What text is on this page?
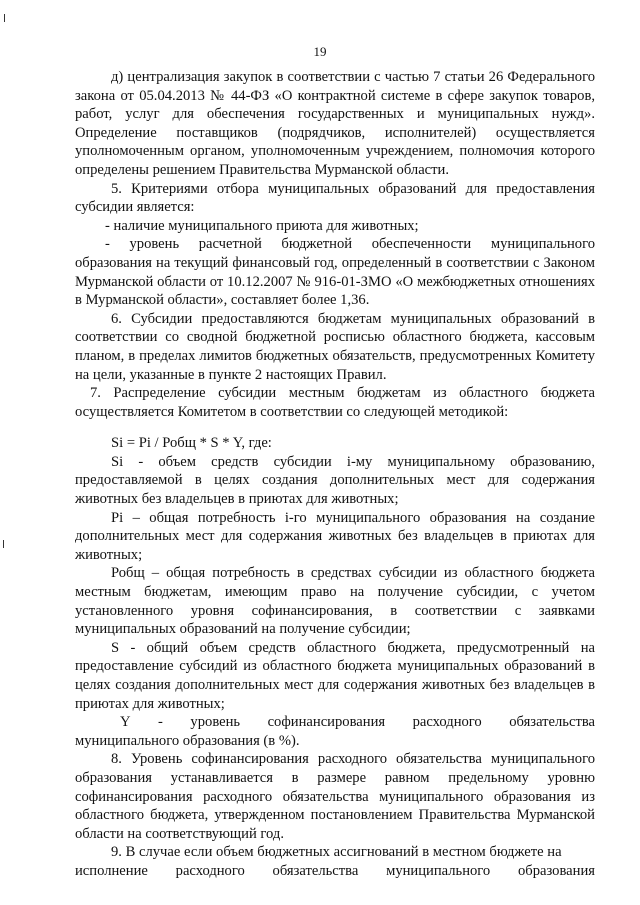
19

д) централизация закупок в соответствии с частью 7 статьи 26 Федерального закона от 05.04.2013 № 44-ФЗ «О контрактной системе в сфере закупок товаров, работ, услуг для обеспечения государственных и муниципальных нужд». Определение поставщиков (подрядчиков, исполнителей) осуществляется уполномоченным органом, уполномоченным учреждением, полномочия которого определены решением Правительства Мурманской области.

5. Критериями отбора муниципальных образований для предоставления субсидии является:

- наличие муниципального приюта для животных;

- уровень расчетной бюджетной обеспеченности муниципального образования на текущий финансовый год, определенный в соответствии с Законом Мурманской области от 10.12.2007 № 916-01-ЗМО «О межбюджетных отношениях в Мурманской области», составляет более 1,36.

6. Субсидии предоставляются бюджетам муниципальных образований в соответствии со сводной бюджетной росписью областного бюджета, кассовым планом, в пределах лимитов бюджетных обязательств, предусмотренных Комитету на цели, указанные в пункте 2 настоящих Правил.

7. Распределение субсидии местным бюджетам из областного бюджета осуществляется Комитетом в соответствии со следующей методикой:

Si = Pi / Робщ * S * Y, где:

Si - объем средств субсидии i-му муниципальному образованию, предоставляемой в целях создания дополнительных мест для содержания животных без владельцев в приютах для животных;

Pi – общая потребность i-го муниципального образования на создание дополнительных мест для содержания животных без владельцев в приютах для животных;

Робщ – общая потребность в средствах субсидии из областного бюджета местным бюджетам, имеющим право на получение субсидии, с учетом установленного уровня софинансирования, в соответствии с заявками муниципальных образований на получение субсидии;

S - общий объем средств областного бюджета, предусмотренный на предоставление субсидий из областного бюджета муниципальных образований в целях создания дополнительных мест для содержания животных без владельцев в приютах для животных;

Y - уровень софинансирования расходного обязательства

муниципального образования (в %).

8. Уровень софинансирования расходного обязательства муниципального образования устанавливается в размере равном предельному уровню софинансирования расходного обязательства муниципального образования из областного бюджета, утвержденном постановлением Правительства Мурманской области на соответствующий год.

9. В случае если объем бюджетных ассигнований в местном бюджете на

исполнение расходного обязательства муниципального образования
